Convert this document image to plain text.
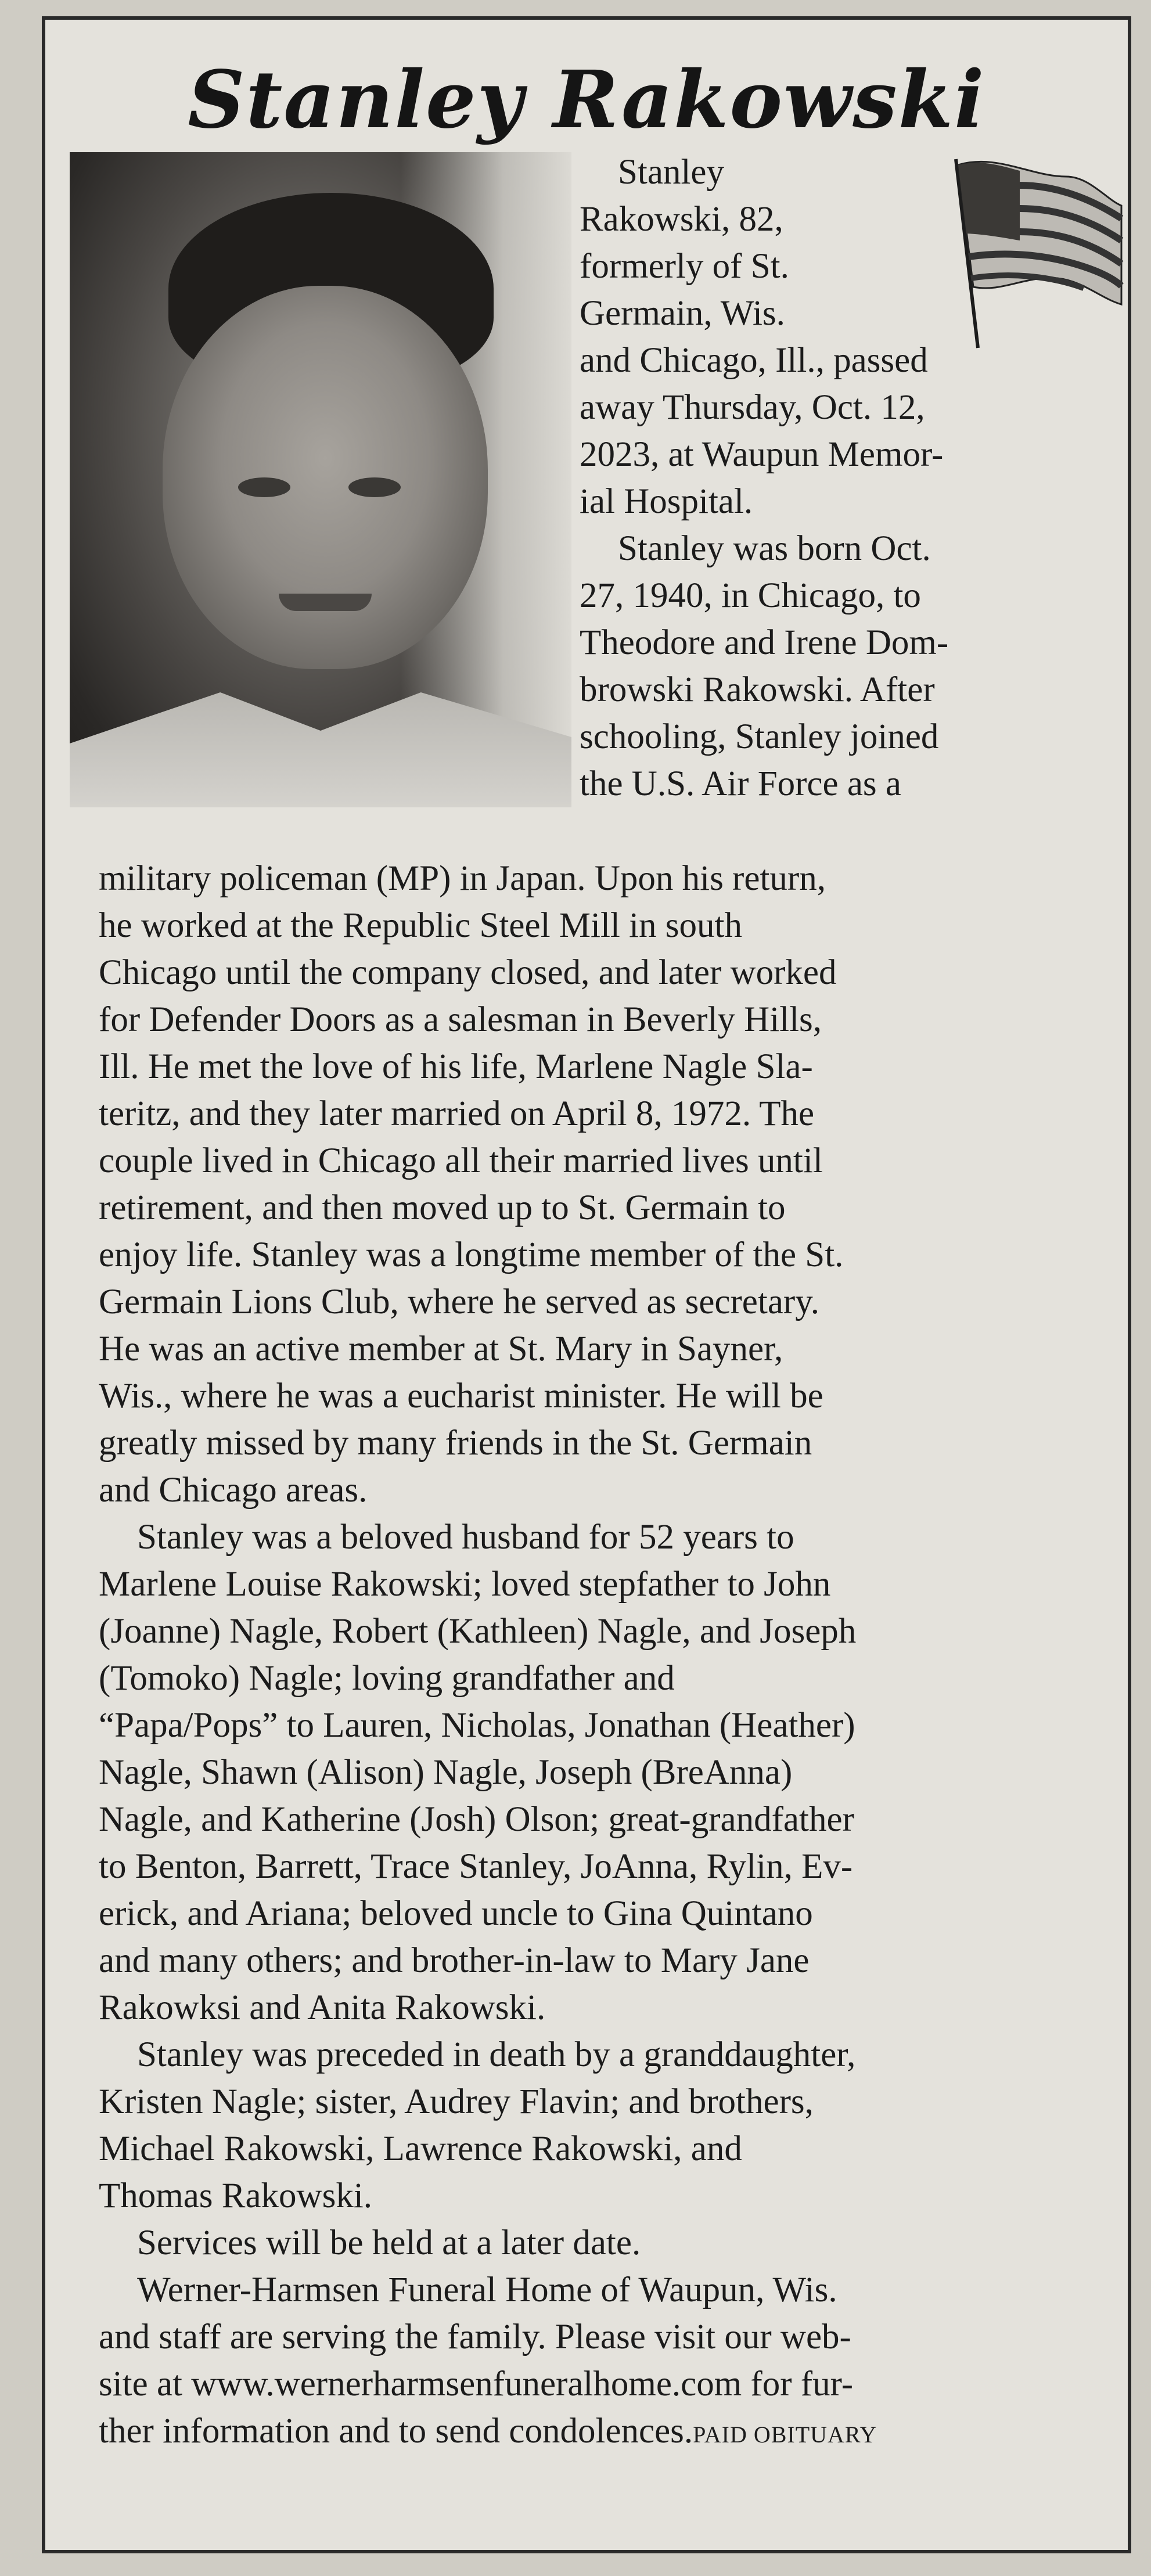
Stanley Rakowski
Stanley
Rakowski, 82,
formerly of St.
Germain, Wis.
and Chicago, Ill., passed
away Thursday, Oct. 12,
2023, at Waupun Memor-
ial Hospital.
Stanley was born Oct.
27, 1940, in Chicago, to
Theodore and Irene Dom-
browski Rakowski. After
schooling, Stanley joined
the U.S. Air Force as a
military policeman (MP) in Japan. Upon his return,
he worked at the Republic Steel Mill in south
Chicago until the company closed, and later worked
for Defender Doors as a salesman in Beverly Hills,
Ill. He met the love of his life, Marlene Nagle Sla-
teritz, and they later married on April 8, 1972. The
couple lived in Chicago all their married lives until
retirement, and then moved up to St. Germain to
enjoy life. Stanley was a longtime member of the St.
Germain Lions Club, where he served as secretary.
He was an active member at St. Mary in Sayner,
Wis., where he was a eucharist minister. He will be
greatly missed by many friends in the St. Germain
and Chicago areas.
Stanley was a beloved husband for 52 years to
Marlene Louise Rakowski; loved stepfather to John
(Joanne) Nagle, Robert (Kathleen) Nagle, and Joseph
(Tomoko) Nagle; loving grandfather and
“Papa/Pops” to Lauren, Nicholas, Jonathan (Heather)
Nagle, Shawn (Alison) Nagle, Joseph (BreAnna)
Nagle, and Katherine (Josh) Olson; great-grandfather
to Benton, Barrett, Trace Stanley, JoAnna, Rylin, Ev-
erick, and Ariana; beloved uncle to Gina Quintano
and many others; and brother-in-law to Mary Jane
Rakowksi and Anita Rakowski.
Stanley was preceded in death by a granddaughter,
Kristen Nagle; sister, Audrey Flavin; and brothers,
Michael Rakowski, Lawrence Rakowski, and
Thomas Rakowski.
Services will be held at a later date.
Werner-Harmsen Funeral Home of Waupun, Wis.
and staff are serving the family. Please visit our web-
site at www.wernerharmsenfuneralhome.com for fur-
ther information and to send condolences.PAID OBITUARY
